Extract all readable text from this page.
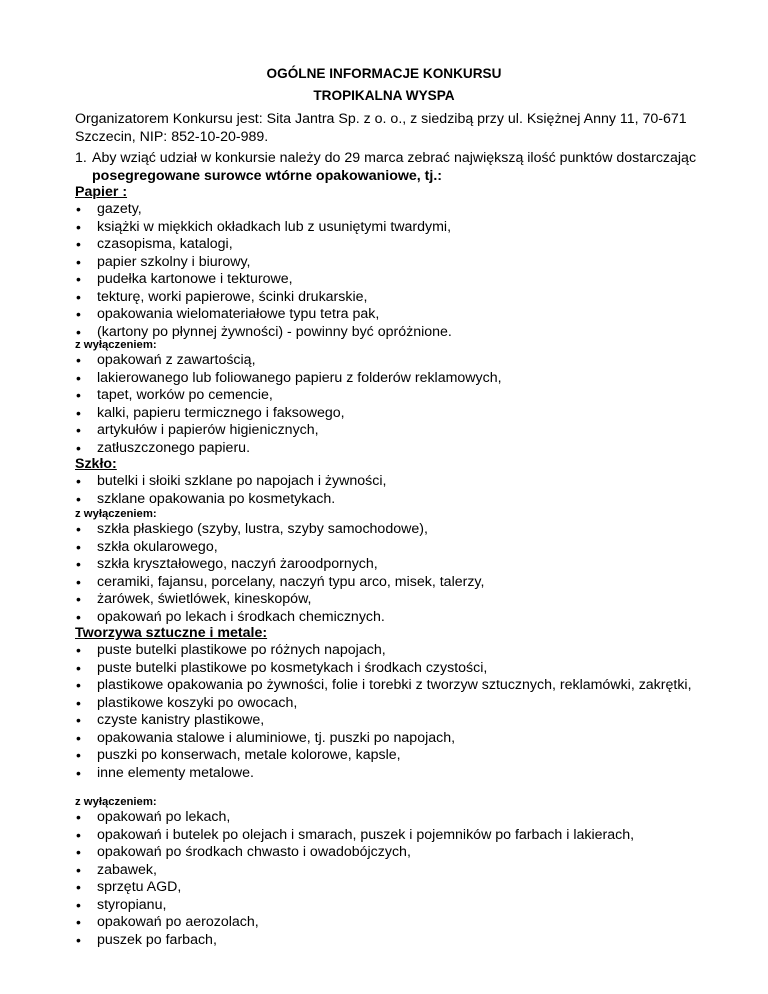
OGÓLNE INFORMACJE KONKURSU
TROPIKALNA WYSPA
Organizatorem Konkursu jest: Sita Jantra Sp. z o. o., z siedzibą przy ul. Księżnej Anny 11, 70-671 Szczecin, NIP: 852-10-20-989.
1. Aby wziąć udział w konkursie należy do 29 marca zebrać największą ilość punktów dostarczając posegregowane surowce wtórne opakowaniowe, tj.:
Papier :
• gazety,
• książki w miękkich okładkach lub z usuniętymi twardymi,
• czasopisma, katalogi,
• papier szkolny i biurowy,
• pudełka kartonowe i tekturowe,
• tekturę, worki papierowe, ścinki drukarskie,
• opakowania wielomateriałowe typu tetra pak,
• (kartony po płynnej żywności) - powinny być opróżnione.
z wyłączeniem:
• opakowań z zawartością,
• lakierowanego lub foliowanego papieru z folderów reklamowych,
• tapet, worków po cemencie,
• kalki, papieru termicznego i faksowego,
• artykułów i papierów higienicznych,
• zatłuszczonego papieru.
Szkło:
• butelki i słoiki szklane po napojach i żywności,
• szklane opakowania po kosmetykach.
z wyłączeniem:
• szkła płaskiego (szyby, lustra, szyby samochodowe),
• szkła okularowego,
• szkła kryształowego, naczyń żaroodpornych,
• ceramiki, fajansu, porcelany, naczyń typu arco, misek, talerzy,
• żarówek, świetlówek, kineskopów,
• opakowań po lekach i środkach chemicznych.
Tworzywa sztuczne i metale:
• puste butelki plastikowe po różnych napojach,
• puste butelki plastikowe po kosmetykach i środkach czystości,
• plastikowe opakowania po żywności, folie i torebki z tworzyw sztucznych, reklamówki, zakrętki,
• plastikowe koszyki po owocach,
• czyste kanistry plastikowe,
• opakowania stalowe i aluminiowe, tj. puszki po napojach,
• puszki po konserwach, metale kolorowe, kapsle,
• inne elementy metalowe.
z wyłączeniem:
• opakowań po lekach,
• opakowań i butelek po olejach i smarach, puszek i pojemników po farbach i lakierach,
• opakowań po środkach chwasto i owadobójczych,
• zabawek,
• sprzętu AGD,
• styropianu,
• opakowań po aerozolach,
• puszek po farbach,
